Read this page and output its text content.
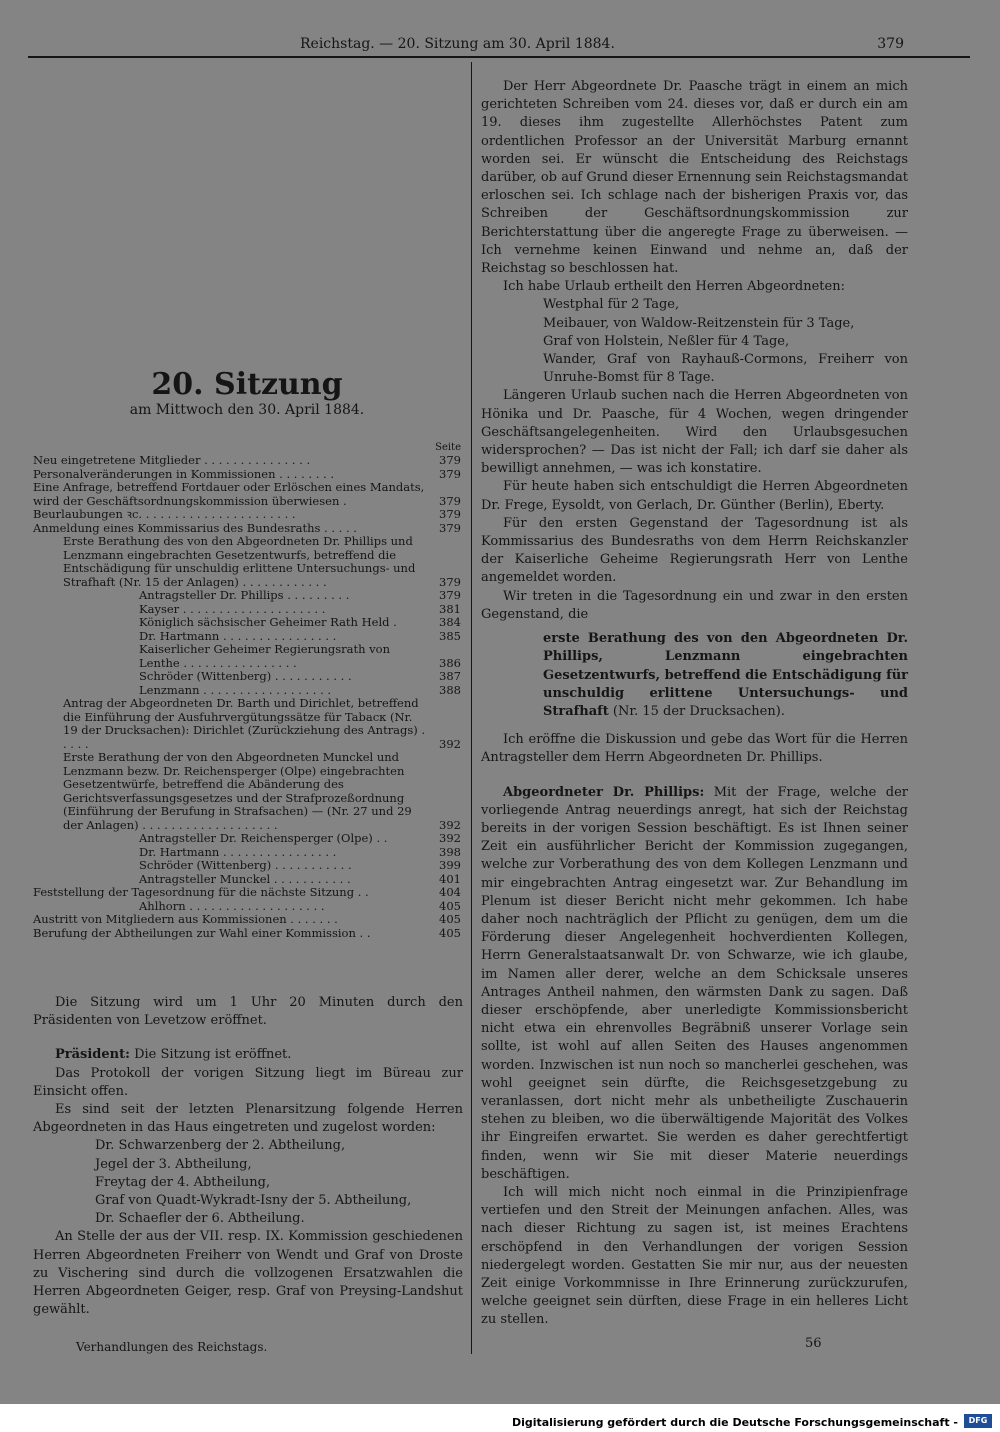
Reichstag. — 20. Sitzung am 30. April 1884.	379
20. Sitzung
am Mittwoch den 30. April 1884.
Seite
Neu eingetretene Mitglieder . . . . . . . . . . . . . . .	379
Personalveränderungen in Kommissionen . . . . . . . .	379
Eine Anfrage, betreffend Fortdauer oder Erlöschen eines Mandats, wird der Geschäftsordnungskommission überwiesen .	379
Beurlaubungen ꝛc. . . . . . . . . . . . . . . . . . . . . .	379
Anmeldung eines Kommissarius des Bundesraths . . . . .	379
Erste Berathung des von den Abgeordneten Dr. Phillips und Lenzmann eingebrachten Gesetzentwurfs, betreffend die Entschädigung für unschuldig erlittene Untersuchungs- und Strafhaft (Nr. 15 der Anlagen) . . . . . . . . . . . .	379
Antragsteller Dr. Phillips . . . . . . . . .	379
Kayser . . . . . . . . . . . . . . . . . . . .	381
Königlich sächsischer Geheimer Rath Held .	384
Dr. Hartmann . . . . . . . . . . . . . . . .	385
Kaiserlicher Geheimer Regierungsrath von Lenthe . . . . . . . . . . . . . . . .	386
Schröder (Wittenberg) . . . . . . . . . . .	387
Lenzmann . . . . . . . . . . . . . . . . . .	388
Antrag der Abgeordneten Dr. Barth und Dirichlet, betreffend die Einführung der Ausfuhrvergütungssätze für Tabacк (Nr. 19 der Drucksachen): Dirichlet (Zurückziehung des Antrags) . . . . .	392
Erste Berathung der von den Abgeordneten Munckel und Lenzmann bezw. Dr. Reichensperger (Olpe) eingebrachten Gesetzentwürfe, betreffend die Abänderung des Gerichtsverfassungsgesetzes und der Strafprozeßordnung (Einführung der Berufung in Strafsachen) — (Nr. 27 und 29 der Anlagen) . . . . . . . . . . . . . . . . . . .	392
Antragsteller Dr. Reichensperger (Olpe) . .	392
Dr. Hartmann . . . . . . . . . . . . . . . .	398
Schröder (Wittenberg) . . . . . . . . . . .	399
Antragsteller Munckel . . . . . . . . . . .	401
Feststellung der Tagesordnung für die nächste Sitzung . .	404
Ahlhorn . . . . . . . . . . . . . . . . . . .	405
Austritt von Mitgliedern aus Kommissionen . . . . . . .	405
Berufung der Abtheilungen zur Wahl einer Kommission . .	405

Die Sitzung wird um 1 Uhr 20 Minuten durch den Präsidenten von Levetzow eröffnet.

Präsident: Die Sitzung ist eröffnet.

Das Protokoll der vorigen Sitzung liegt im Büreau zur Einsicht offen.

Es sind seit der letzten Plenarsitzung folgende Herren Abgeordneten in das Haus eingetreten und zugelost worden:

Dr. Schwarzenberg der 2. Abtheilung,

Jegel der 3. Abtheilung,

Freytag der 4. Abtheilung,

Graf von Quadt-Wykradt-Isny der 5. Abtheilung,

Dr. Schaefler der 6. Abtheilung.

An Stelle der aus der VII. resp. IX. Kommission geschiedenen Herren Abgeordneten Freiherr von Wendt und Graf von Droste zu Vischering sind durch die vollzogenen Ersatzwahlen die Herren Abgeordneten Geiger, resp. Graf von Preysing-Landshut gewählt.

Der Herr Abgeordnete Dr. Paasche trägt in einem an mich gerichteten Schreiben vom 24. dieses vor, daß er durch ein am 19. dieses ihm zugestellte Allerhöchstes Patent zum ordentlichen Professor an der Universität Marburg ernannt worden sei. Er wünscht die Entscheidung des Reichstags darüber, ob auf Grund dieser Ernennung sein Reichstagsmandat erloschen sei. Ich schlage nach der bisherigen Praxis vor, das Schreiben der Geschäftsordnungskommission zur Berichterstattung über die angeregte Frage zu überweisen. — Ich vernehme keinen Einwand und nehme an, daß der Reichstag so beschlossen hat.

Ich habe Urlaub ertheilt den Herren Abgeordneten:

Westphal für 2 Tage,

Meibauer, von Waldow-Reitzenstein für 3 Tage,

Graf von Holstein, Neßler für 4 Tage,

Wander, Graf von Rayhauß-Cormons, Freiherr von Unruhe-Bomst für 8 Tage.

Längeren Urlaub suchen nach die Herren Abgeordneten von Hönika und Dr. Paasche, für 4 Wochen, wegen dringender Geschäftsangelegenheiten. Wird den Urlaubsgesuchen widersprochen? — Das ist nicht der Fall; ich darf sie daher als bewilligt annehmen, — was ich konstatire.

Für heute haben sich entschuldigt die Herren Abgeordneten Dr. Frege, Eysoldt, von Gerlach, Dr. Günther (Berlin), Eberty.

Für den ersten Gegenstand der Tagesordnung ist als Kommissarius des Bundesraths von dem Herrn Reichskanzler der Kaiserliche Geheime Regierungsrath Herr von Lenthe angemeldet worden.

Wir treten in die Tagesordnung ein und zwar in den ersten Gegenstand, die

erste Berathung des von den Abgeordneten Dr. Phillips, Lenzmann eingebrachten Gesetzentwurfs, betreffend die Entschädigung für unschuldig erlittene Untersuchungs- und Strafhaft (Nr. 15 der Drucksachen).

Ich eröffne die Diskussion und gebe das Wort für die Herren Antragsteller dem Herrn Abgeordneten Dr. Phillips.

Abgeordneter Dr. Phillips: Mit der Frage, welche der vorliegende Antrag neuerdings anregt, hat sich der Reichstag bereits in der vorigen Session beschäftigt. Es ist Ihnen seiner Zeit ein ausführlicher Bericht der Kommission zugegangen, welche zur Vorberathung des von dem Kollegen Lenzmann und mir eingebrachten Antrag eingesetzt war. Zur Behandlung im Plenum ist dieser Bericht nicht mehr gekommen. Ich habe daher noch nachträglich der Pflicht zu genügen, dem um die Förderung dieser Angelegenheit hochverdienten Kollegen, Herrn Generalstaatsanwalt Dr. von Schwarze, wie ich glaube, im Namen aller derer, welche an dem Schicksale unseres Antrages Antheil nahmen, den wärmsten Dank zu sagen. Daß dieser erschöpfende, aber unerledigte Kommissionsbericht nicht etwa ein ehrenvolles Begräbniß unserer Vorlage sein sollte, ist wohl auf allen Seiten des Hauses angenommen worden. Inzwischen ist nun noch so mancherlei geschehen, was wohl geeignet sein dürfte, die Reichsgesetzgebung zu veranlassen, dort nicht mehr als unbetheiligte Zuschauerin stehen zu bleiben, wo die überwältigende Majorität des Volkes ihr Eingreifen erwartet. Sie werden es daher gerechtfertigt finden, wenn wir Sie mit dieser Materie neuerdings beschäftigen.

Ich will mich nicht noch einmal in die Prinzipienfrage vertiefen und den Streit der Meinungen anfachen. Alles, was nach dieser Richtung zu sagen ist, ist meines Erachtens erschöpfend in den Verhandlungen der vorigen Session niedergelegt worden. Gestatten Sie mir nur, aus der neuesten Zeit einige Vorkommnisse in Ihre Erinnerung zurückzurufen, welche geeignet sein dürften, diese Frage in ein helleres Licht zu stellen.

Verhandlungen des Reichstags.	56
Digitalisierung gefördert durch die Deutsche Forschungsgemeinschaft -	DFG
